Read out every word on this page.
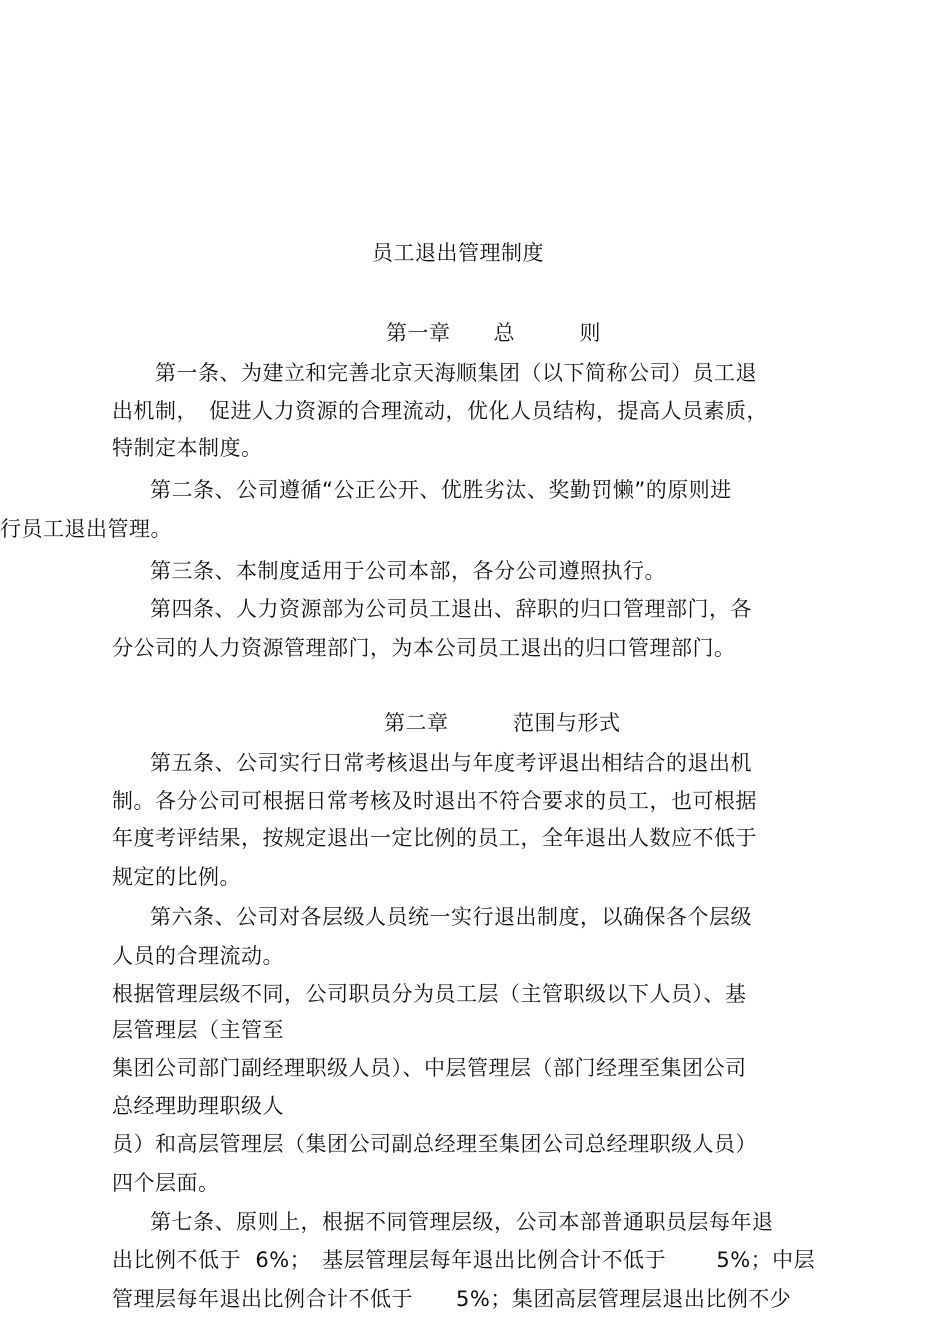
员工退出管理制度
第一章　　总　　　则
第一条、为建立和完善北京天海顺集团（以下简称公司）员工退
出机制，　促进人力资源的合理流动，优化人员结构，提高人员素质，
特制定本制度。
第二条、公司遵循“公正公开、优胜劣汰、奖勤罚懒”的原则进
行员工退出管理。
第三条、本制度适用于公司本部，各分公司遵照执行。
第四条、人力资源部为公司员工退出、辞职的归口管理部门，各
分公司的人力资源管理部门，为本公司员工退出的归口管理部门。
第二章　　　范围与形式
第五条、公司实行日常考核退出与年度考评退出相结合的退出机
制。各分公司可根据日常考核及时退出不符合要求的员工，也可根据
年度考评结果，按规定退出一定比例的员工，全年退出人数应不低于
规定的比例。
第六条、公司对各层级人员统一实行退出制度，以确保各个层级
人员的合理流动。
根据管理层级不同，公司职员分为员工层（主管职级以下人员）、基
层管理层（主管至
集团公司部门副经理职级人员）、中层管理层（部门经理至集团公司
总经理助理职级人
员）和高层管理层（集团公司副总经理至集团公司总经理职级人员）
四个层面。
第七条、原则上，根据不同管理层级，公司本部普通职员层每年退
出比例不低于  6%；　基层管理层每年退出比例合计不低于　　 5%；中层
管理层每年退出比例合计不低于　　5%；集团高层管理层退出比例不少
